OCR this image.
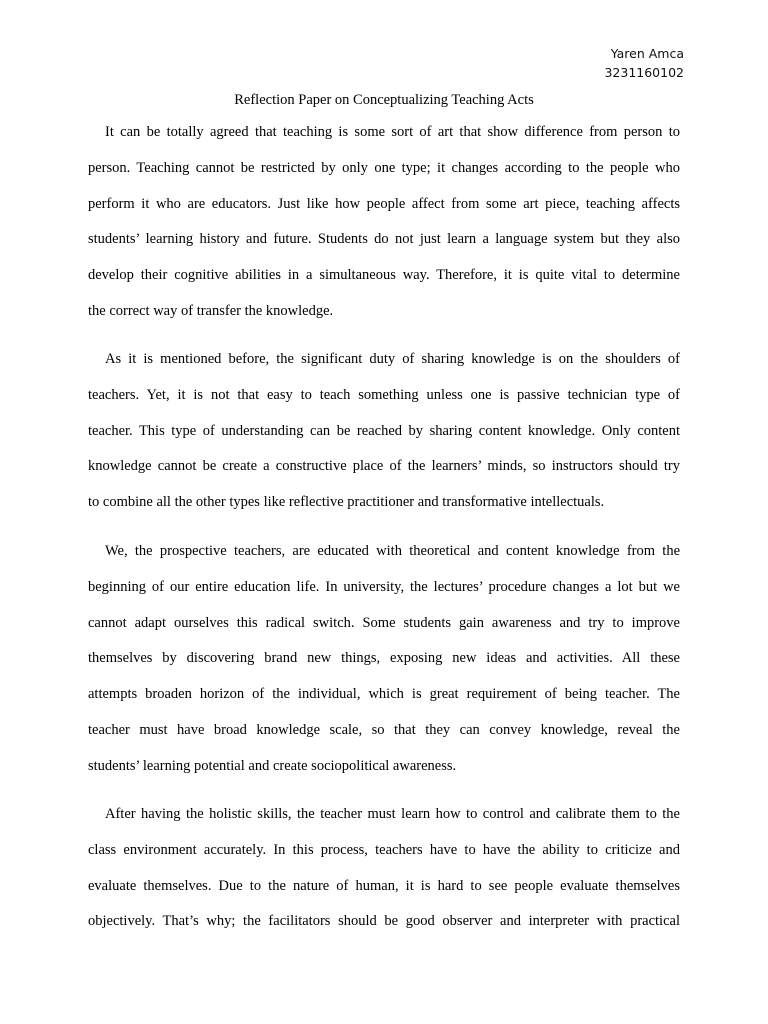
Yaren Amca
3231160102
Reflection Paper on Conceptualizing Teaching Acts

It can be totally agreed that teaching is some sort of art that show difference from person to
person. Teaching cannot be restricted by only one type; it changes according to the people who
perform it who are educators. Just like how people affect from some art piece, teaching affects
students’ learning history and future. Students do not just learn a language system but they also
develop their cognitive abilities in a simultaneous way. Therefore, it is quite vital to determine
the correct way of transfer the knowledge.

As it is mentioned before, the significant duty of sharing knowledge is on the shoulders of
teachers. Yet, it is not that easy to teach something unless one is passive technician type of
teacher. This type of understanding can be reached by sharing content knowledge. Only content
knowledge cannot be create a constructive place of the learners’ minds, so instructors should try
to combine all the other types like reflective practitioner and transformative intellectuals.

We, the prospective teachers, are educated with theoretical and content knowledge from the
beginning of our entire education life. In university, the lectures’ procedure changes a lot but we
cannot adapt ourselves this radical switch. Some students gain awareness and try to improve
themselves by discovering brand new things, exposing new ideas and activities. All these
attempts broaden horizon of the individual, which is great requirement of being teacher. The
teacher must have broad knowledge scale, so that they can convey knowledge, reveal the
students’ learning potential and create sociopolitical awareness.

After having the holistic skills, the teacher must learn how to control and calibrate them to the
class environment accurately. In this process, teachers have to have the ability to criticize and
evaluate themselves. Due to the nature of human, it is hard to see people evaluate themselves
objectively. That’s why; the facilitators should be good observer and interpreter with practical
